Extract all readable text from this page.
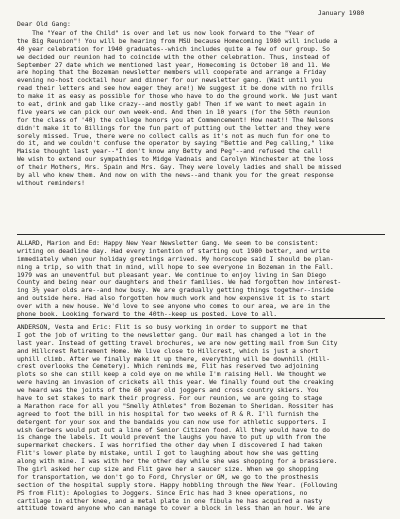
January 1980
Dear Old Gang:
The "Year of the Child" is over and let us now look forward to the "Year of
the Big Reunion"! You will be hearing from MSU because Homecoming 1980 will include a
40 year celebration for 1940 graduates--which includes quite a few of our group. So
we decided our reunion had to coincide with the other celebration. Thus, instead of
September 27 date which we mentioned last year, Homecoming is October 10 and 11. We
are hoping that the Bozeman newsletter members will cooperate and arrange a Friday
evening no-host cocktail hour and dinner for our newsletter gang. (Wait until you
read their letters and see how eager they are!) We suggest it be done with no frills
to make it as easy as possible for those who have to do the ground work. We just want
to eat, drink and gab like crazy--and mostly gab! Then if we want to meet again in
five years we can pick our own week-end. And then in 10 years (for the 50th reunion
for the class of '40) the college honors you at Commencement! How neat!! The Nelsons
didn't make it to Billings for the fun part of putting out the letter and they were
sorely missed. True, there were no collect calls as it's not as much fun for one to
do it, and we couldn't confuse the operator by saying "Bettie and Peg calling," like
Maisie thought last year--"I don't know any Betty and Peg"--and refused the call!
We wish to extend our sympathies to Midge Vadnais and Carolyn Winchester at the loss
of their Mothers, Mrs. Spain and Mrs. Gay. They were lovely ladies and shall be missed
by all who knew them. And now on with the news--and thank you for the great response
without reminders!
ALLARD, Marion and Ed: Happy New Year Newsletter Gang. We seem to be consistent:
writing on deadline day. Had every intention of starting out 1980 better, and write
immediately when your holiday greetings arrived. My horoscope said I should be plan-
ning a trip, so with that in mind, will hope to see everyone in Bozeman in the Fall.
1979 was an uneventful but pleasant year. We continue to enjoy living in San Diego
County and being near our daughters and their families. We had forgotten how interest-
ing 3½ year olds are--and how busy. We are gradually getting things together--inside
and outside here. Had also forgotten how much work and how expensive it is to start
over with a new house. We'd love to see anyone who comes to our area, we are in the
phone book. Looking forward to the 40th--keep us posted. Love to all.
ANDERSON, Vesta and Eric: Flit is so busy working in order to support me that
I got the job of writing to the newsletter gang. Our mail has changed a lot in the
last year. Instead of getting travel brochures, we are now getting mail from Sun City
and Hillcrest Retirement Home. We live close to Hillcrest, which is just a short
uphill climb. After we finally make it up there, everything will be downhill (Hill-
crest overlooks the Cemetery). Which reminds me, Flit has reserved two adjoining
plots so she can still keep a cold eye on me while I'm raising Hell. We thought we
were having an invasion of crickets all this year. We finally found out the creaking
we heard was the joints of the 60 year old joggers and cross country skiers. You
have to set stakes to mark their progress. For our reunion, we are going to stage
a Marathon race for all you "Smelly Athletes" from Bozeman to Sheridan. Rossiter has
agreed to foot the bill in his hospital for two weeks of R & R. I'll furnish the
detergent for your sox and the bandaids you can now use for athletic supporters. I
wish Gerbers would put out a line of Senior Citizen food. All they would have to do
is change the labels. It would prevent the laughs you have to put up with from the
supermarket checkers. I was horrified the other day when I discovered I had taken
Flit's lower plate by mistake, until I got to laughing about how she was getting
along with mine. I was with her the other day while she was shopping for a brassiere.
The girl asked her cup size and Flit gave her a saucer size. When we go shopping
for transportation, we don't go to Ford, Chrysler or GM, we go to the prosthesis
section of the hospital supply store. Happy hobbling through the New Year. (Following
PS from Flit): Apologies to Joggers. Since Eric has had 3 knee operations, no
cartilage in either knee, and a metal plate in one fibula he has acquired a nasty
attitude toward anyone who can manage to cover a block in less than an hour. We are
